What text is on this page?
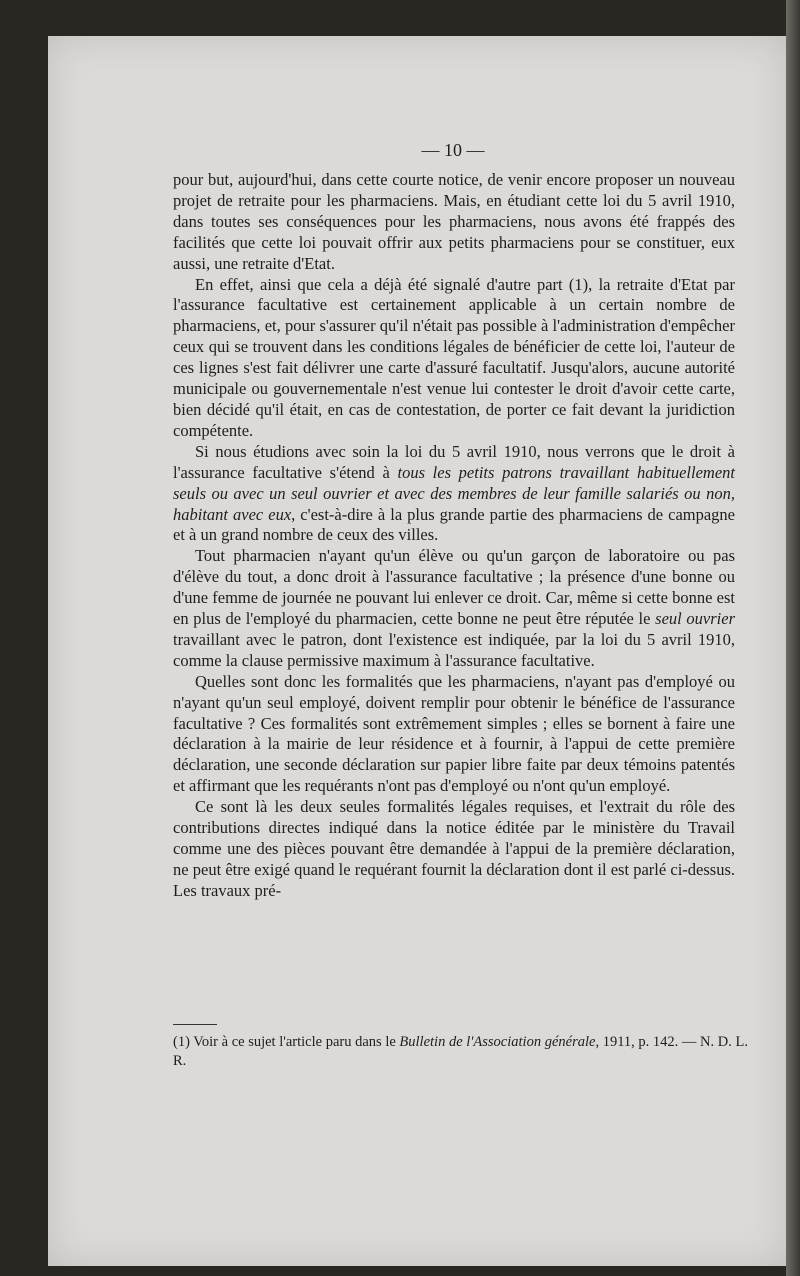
— 10 —

pour but, aujourd'hui, dans cette courte notice, de venir encore proposer un nouveau projet de retraite pour les pharmaciens. Mais, en étudiant cette loi du 5 avril 1910, dans toutes ses conséquences pour les pharmaciens, nous avons été frappés des facilités que cette loi pouvait offrir aux petits pharmaciens pour se constituer, eux aussi, une retraite d'Etat.

En effet, ainsi que cela a déjà été signalé d'autre part (1), la retraite d'Etat par l'assurance facultative est certainement applicable à un certain nombre de pharmaciens, et, pour s'assurer qu'il n'était pas possible à l'administration d'empêcher ceux qui se trouvent dans les conditions légales de bénéficier de cette loi, l'auteur de ces lignes s'est fait délivrer une carte d'assuré facultatif. Jusqu'alors, aucune autorité municipale ou gouvernementale n'est venue lui contester le droit d'avoir cette carte, bien décidé qu'il était, en cas de contestation, de porter ce fait devant la juridiction compétente.

Si nous étudions avec soin la loi du 5 avril 1910, nous verrons que le droit à l'assurance facultative s'étend à tous les petits patrons travaillant habituellement seuls ou avec un seul ouvrier et avec des membres de leur famille salariés ou non, habitant avec eux, c'est-à-dire à la plus grande partie des pharmaciens de campagne et à un grand nombre de ceux des villes.

Tout pharmacien n'ayant qu'un élève ou qu'un garçon de laboratoire ou pas d'élève du tout, a donc droit à l'assurance facultative ; la présence d'une bonne ou d'une femme de journée ne pouvant lui enlever ce droit. Car, même si cette bonne est en plus de l'employé du pharmacien, cette bonne ne peut être réputée le seul ouvrier travaillant avec le patron, dont l'existence est indiquée, par la loi du 5 avril 1910, comme la clause permissive maximum à l'assurance facultative.

Quelles sont donc les formalités que les pharmaciens, n'ayant pas d'employé ou n'ayant qu'un seul employé, doivent remplir pour obtenir le bénéfice de l'assurance facultative ? Ces formalités sont extrêmement simples ; elles se bornent à faire une déclaration à la mairie de leur résidence et à fournir, à l'appui de cette première déclaration, une seconde déclaration sur papier libre faite par deux témoins patentés et affirmant que les requérants n'ont pas d'employé ou n'ont qu'un employé.

Ce sont là les deux seules formalités légales requises, et l'extrait du rôle des contributions directes indiqué dans la notice éditée par le ministère du Travail comme une des pièces pouvant être demandée à l'appui de la première déclaration, ne peut être exigé quand le requérant fournit la déclaration dont il est parlé ci-dessus. Les travaux pré-

(1) Voir à ce sujet l'article paru dans le Bulletin de l'Association générale, 1911, p. 142. — N. D. L. R.
